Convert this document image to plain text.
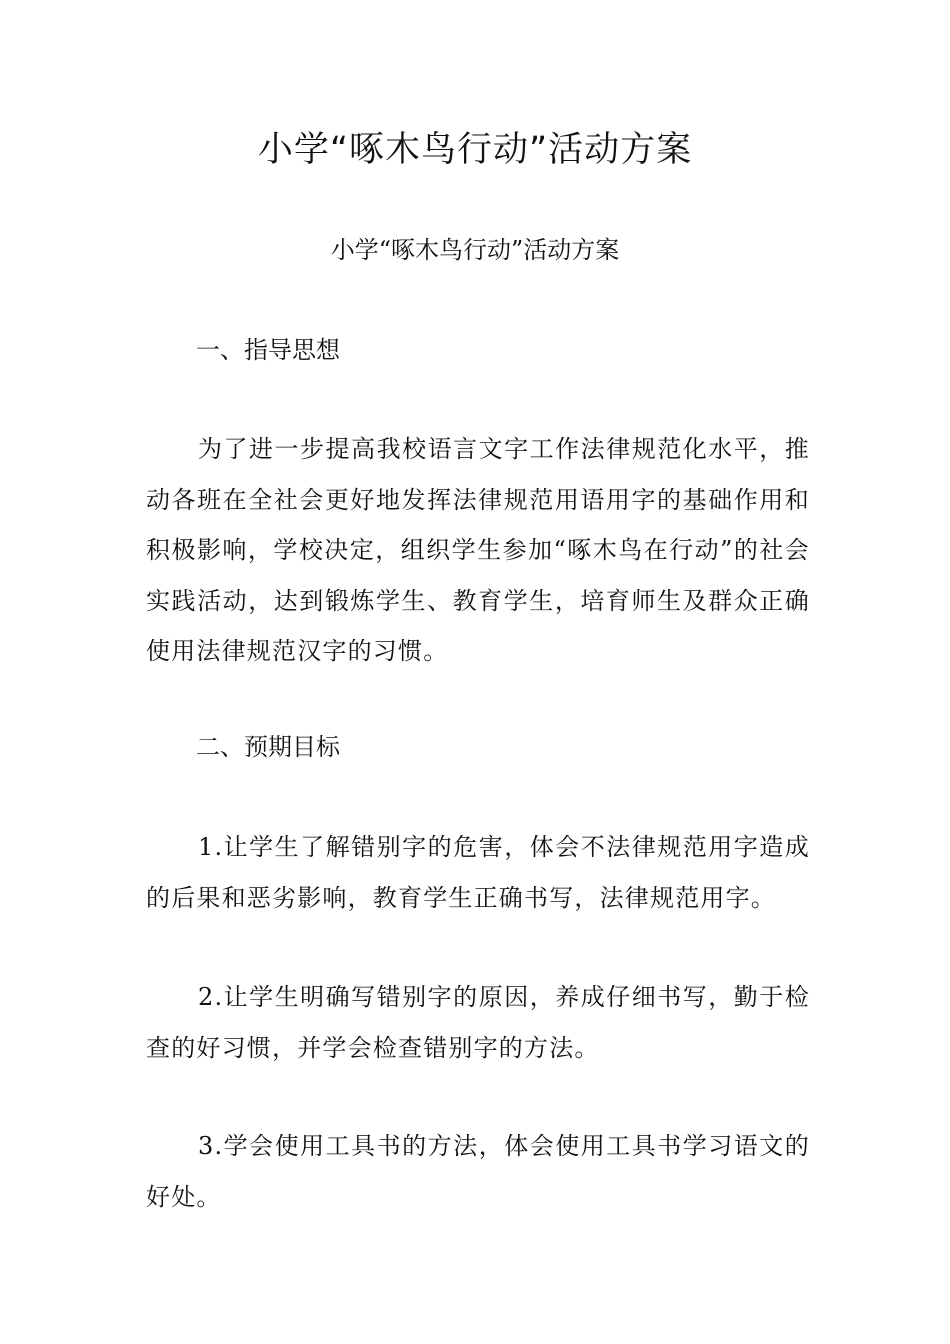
小学“啄木鸟行动”活动方案

小学“啄木鸟行动”活动方案

一、指导思想

为了进一步提高我校语言文字工作法律规范化水平，推动各班在全社会更好地发挥法律规范用语用字的基础作用和积极影响，学校决定，组织学生参加“啄木鸟在行动”的社会实践活动，达到锻炼学生、教育学生，培育师生及群众正确使用法律规范汉字的习惯。

二、预期目标

1.让学生了解错别字的危害，体会不法律规范用字造成的后果和恶劣影响，教育学生正确书写，法律规范用字。

2.让学生明确写错别字的原因，养成仔细书写，勤于检查的好习惯，并学会检查错别字的方法。

3.学会使用工具书的方法，体会使用工具书学习语文的好处。
